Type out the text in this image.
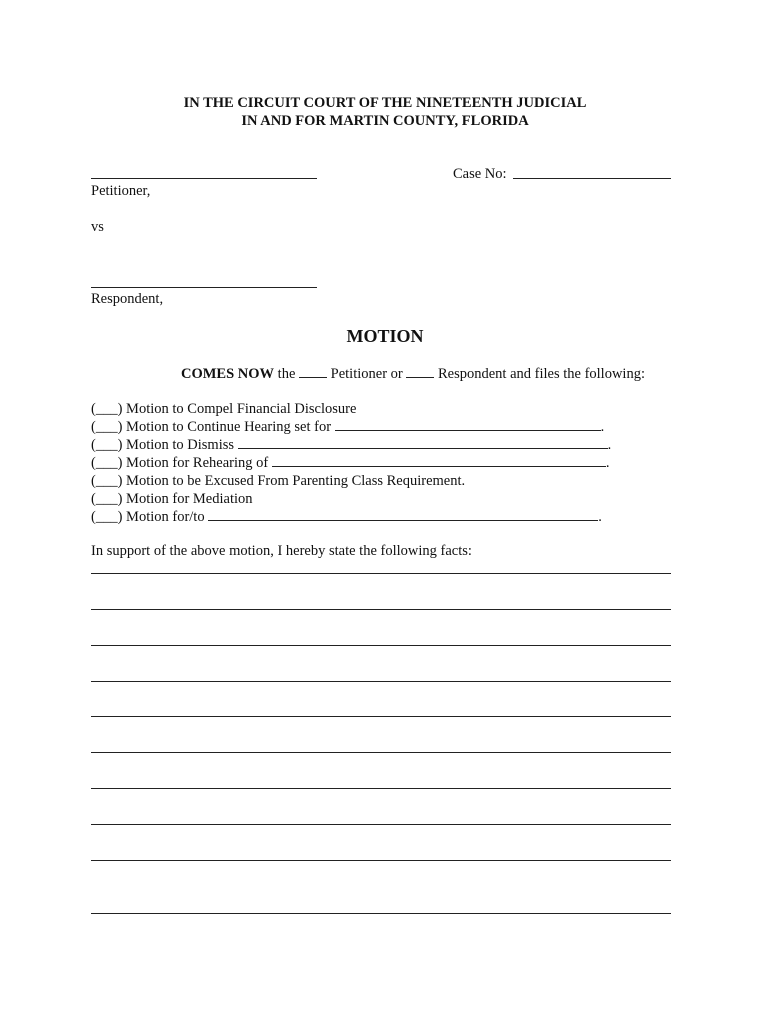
IN THE CIRCUIT COURT OF THE NINETEENTH JUDICIAL
IN AND FOR MARTIN COUNTY, FLORIDA
Petitioner,
vs
Respondent,
Case No:
MOTION
COMES NOW the Petitioner or Respondent and files the following:
(___) Motion to Compel Financial Disclosure
(___) Motion to Continue Hearing set for	.
(___) Motion to Dismiss	.
(___) Motion for Rehearing of	.
(___) Motion to be Excused From Parenting Class Requirement.
(___) Motion for Mediation
(___) Motion for/to	.
In support of the above motion, I hereby state the following facts:
